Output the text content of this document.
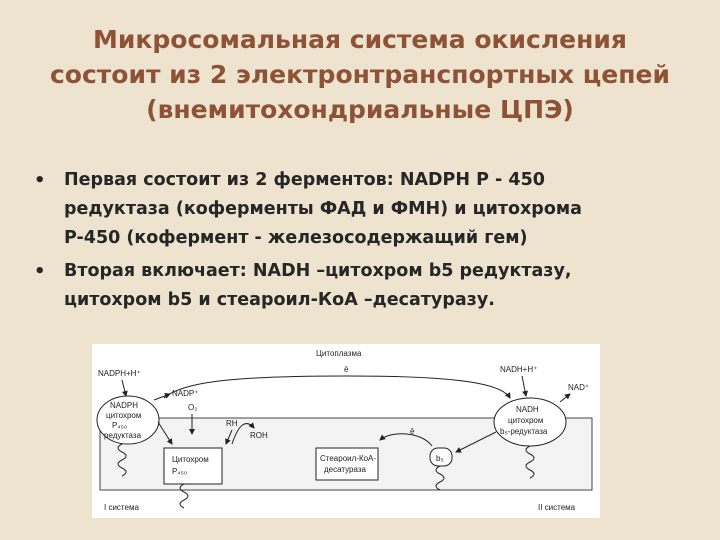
Микросомальная система окисления
состоит из 2 электронтранспортных цепей
(внемитохондриальные ЦПЭ)
• Первая состоит из 2 ферментов: NADPH P - 450
редуктаза (коферменты ФАД и ФМН) и цитохрома
P-450 (кофермент - железосодержащий гем)
• Вторая включает: NADH –цитохром b5 редуктазу,
цитохром b5 и стеароил-КоA –десатуразу.
Цитоплазма
ē
NADPH+H⁺
NADP⁺
NADPH
цитохром
P₄₅₀
редуктаза
O₂
Цитохром
P₄₅₀
RH
ROH
Стеароил-КоА-
десатураза
ē
b₅
NADH
цитохром
b₅-редуктаза
NADH+H⁺
NAD⁺
I система	II система
